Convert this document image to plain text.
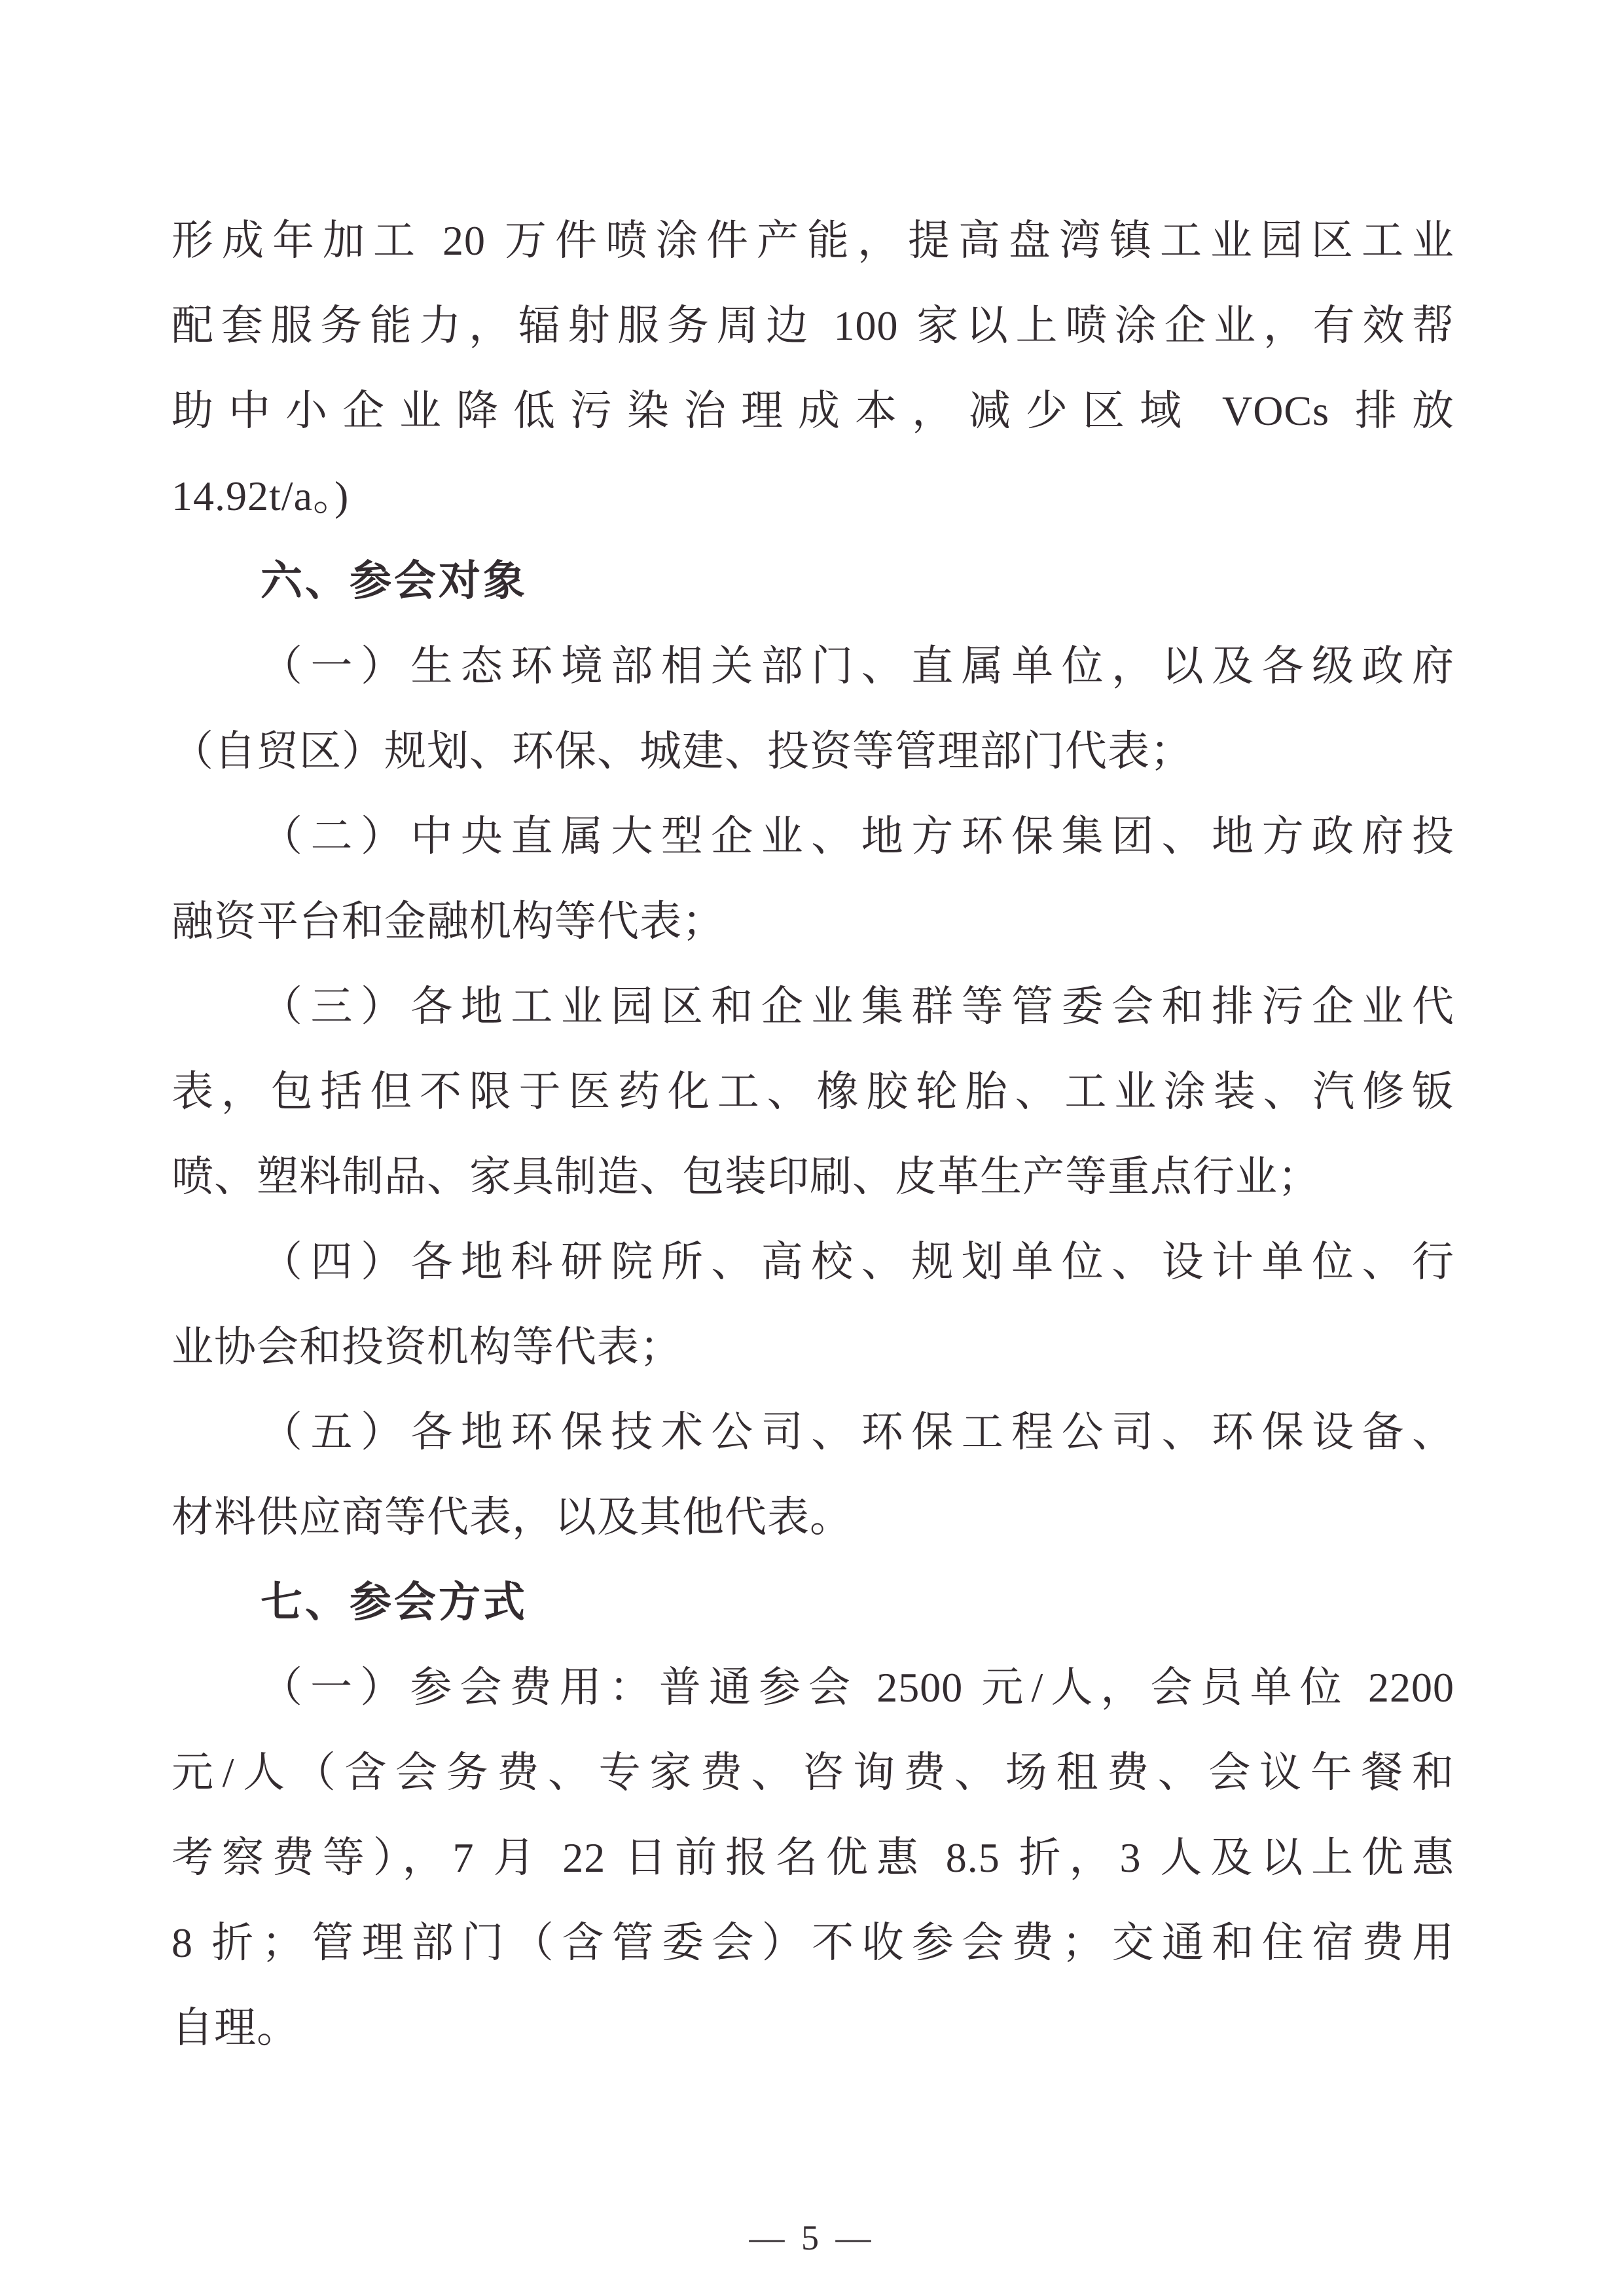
形成年加工 20 万件喷涂件产能，提高盘湾镇工业园区工业
配套服务能力，辐射服务周边 100 家以上喷涂企业，有效帮
助中小企业降低污染治理成本，减少区域 VOCs 排放
14.92t/a。)
六、参会对象
（一）生态环境部相关部门、直属单位，以及各级政府
（自贸区）规划、环保、城建、投资等管理部门代表；
（二）中央直属大型企业、地方环保集团、地方政府投
融资平台和金融机构等代表；
（三）各地工业园区和企业集群等管委会和排污企业代
表，包括但不限于医药化工、橡胶轮胎、工业涂装、汽修钣
喷、塑料制品、家具制造、包装印刷、皮革生产等重点行业；
（四）各地科研院所、高校、规划单位、设计单位、行
业协会和投资机构等代表；
（五）各地环保技术公司、环保工程公司、环保设备、
材料供应商等代表，以及其他代表。
七、参会方式
（一）参会费用：普通参会 2500 元/人，会员单位 2200
元/人（含会务费、专家费、咨询费、场租费、会议午餐和
考察费等），7 月 22 日前报名优惠 8.5 折，3 人及以上优惠
8 折；管理部门（含管委会）不收参会费；交通和住宿费用
自理。
— 5 —
